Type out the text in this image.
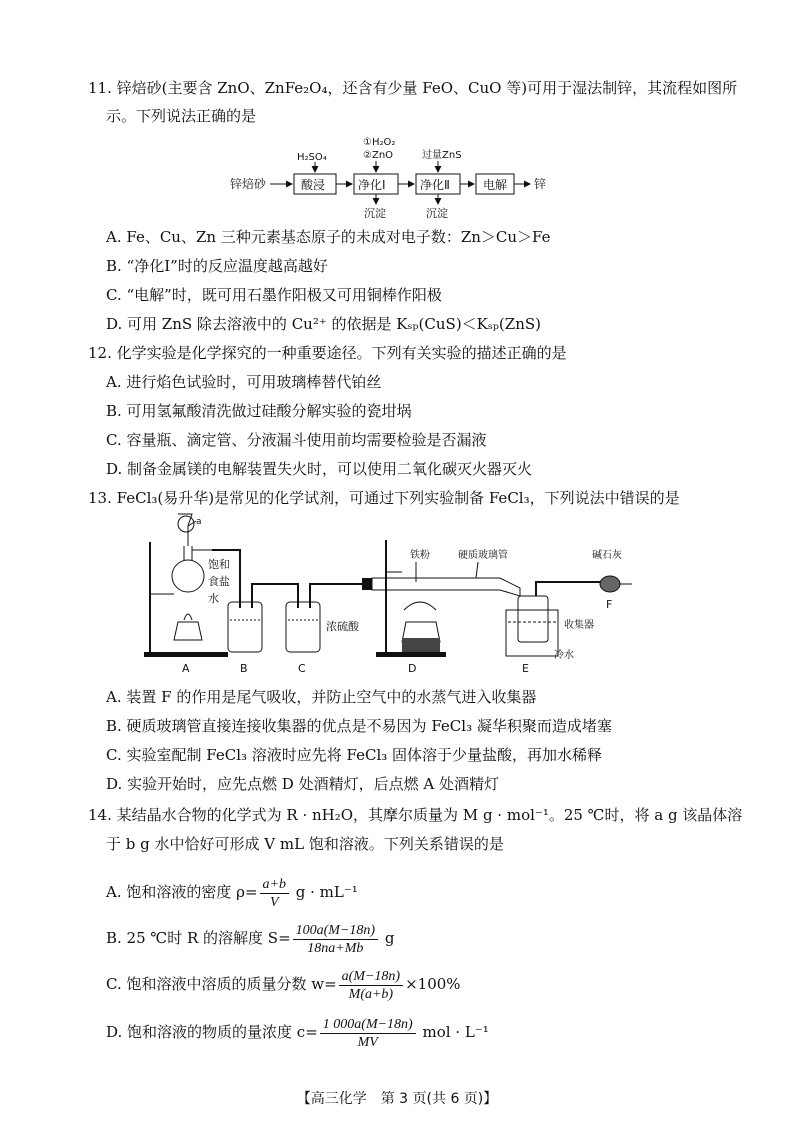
11. 锌焙砂(主要含 ZnO、ZnFe₂O₄，还含有少量 FeO、CuO 等)可用于湿法制锌，其流程如图所
示。下列说法正确的是
锌焙砂	酸浸
H₂SO₄
净化Ⅰ
①H₂O₂
②ZnO
沉淀
净化Ⅱ
过量ZnS
沉淀
电解 锌
A. Fe、Cu、Zn 三种元素基态原子的未成对电子数：Zn＞Cu＞Fe
B. “净化Ⅰ”时的反应温度越高越好
C. “电解”时，既可用石墨作阳极又可用铜棒作阳极
D. 可用 ZnS 除去溶液中的 Cu²⁺ 的依据是 Kₛₚ(CuS)＜Kₛₚ(ZnS)
12. 化学实验是化学探究的一种重要途径。下列有关实验的描述正确的是
A. 进行焰色试验时，可用玻璃棒替代铂丝
B. 可用氢氟酸清洗做过硅酸分解实验的瓷坩埚
C. 容量瓶、滴定管、分液漏斗使用前均需要检验是否漏液
D. 制备金属镁的电解装置失火时，可以使用二氧化碳灭火器灭火
13. FeCl₃(易升华)是常见的化学试剂，可通过下列实验制备 FeCl₃，下列说法中错误的是
a
A
饱和
食盐
水
B
浓硫酸
C
铁粉	硬质玻璃管
D
收集器
冷水
E
碱石灰
F
A. 装置 F 的作用是尾气吸收，并防止空气中的水蒸气进入收集器
B. 硬质玻璃管直接连接收集器的优点是不易因为 FeCl₃ 凝华积聚而造成堵塞
C. 实验室配制 FeCl₃ 溶液时应先将 FeCl₃ 固体溶于少量盐酸，再加水稀释
D. 实验开始时，应先点燃 D 处酒精灯，后点燃 A 处酒精灯
14. 某结晶水合物的化学式为 R · nH₂O，其摩尔质量为 M g · mol⁻¹。25 ℃时，将 a g 该晶体溶
于 b g 水中恰好可形成 V mL 饱和溶液。下列关系错误的是
A. 饱和溶液的密度 $\rho= \frac{a+b}{V}$ g · mL⁻¹
B. 25 ℃时 R 的溶解度 $S= \frac{100a(M-18n)}{18na+Mb}$ g
C. 饱和溶液中溶质的质量分数 $w= \frac{a(M-18n)}{M(a+b)} \times 100\%$
D. 饱和溶液的物质的量浓度 $c= \frac{1 000a(M-18n)}{MV}$ mol · L⁻¹
【高三化学　第 3 页(共 6 页)】
